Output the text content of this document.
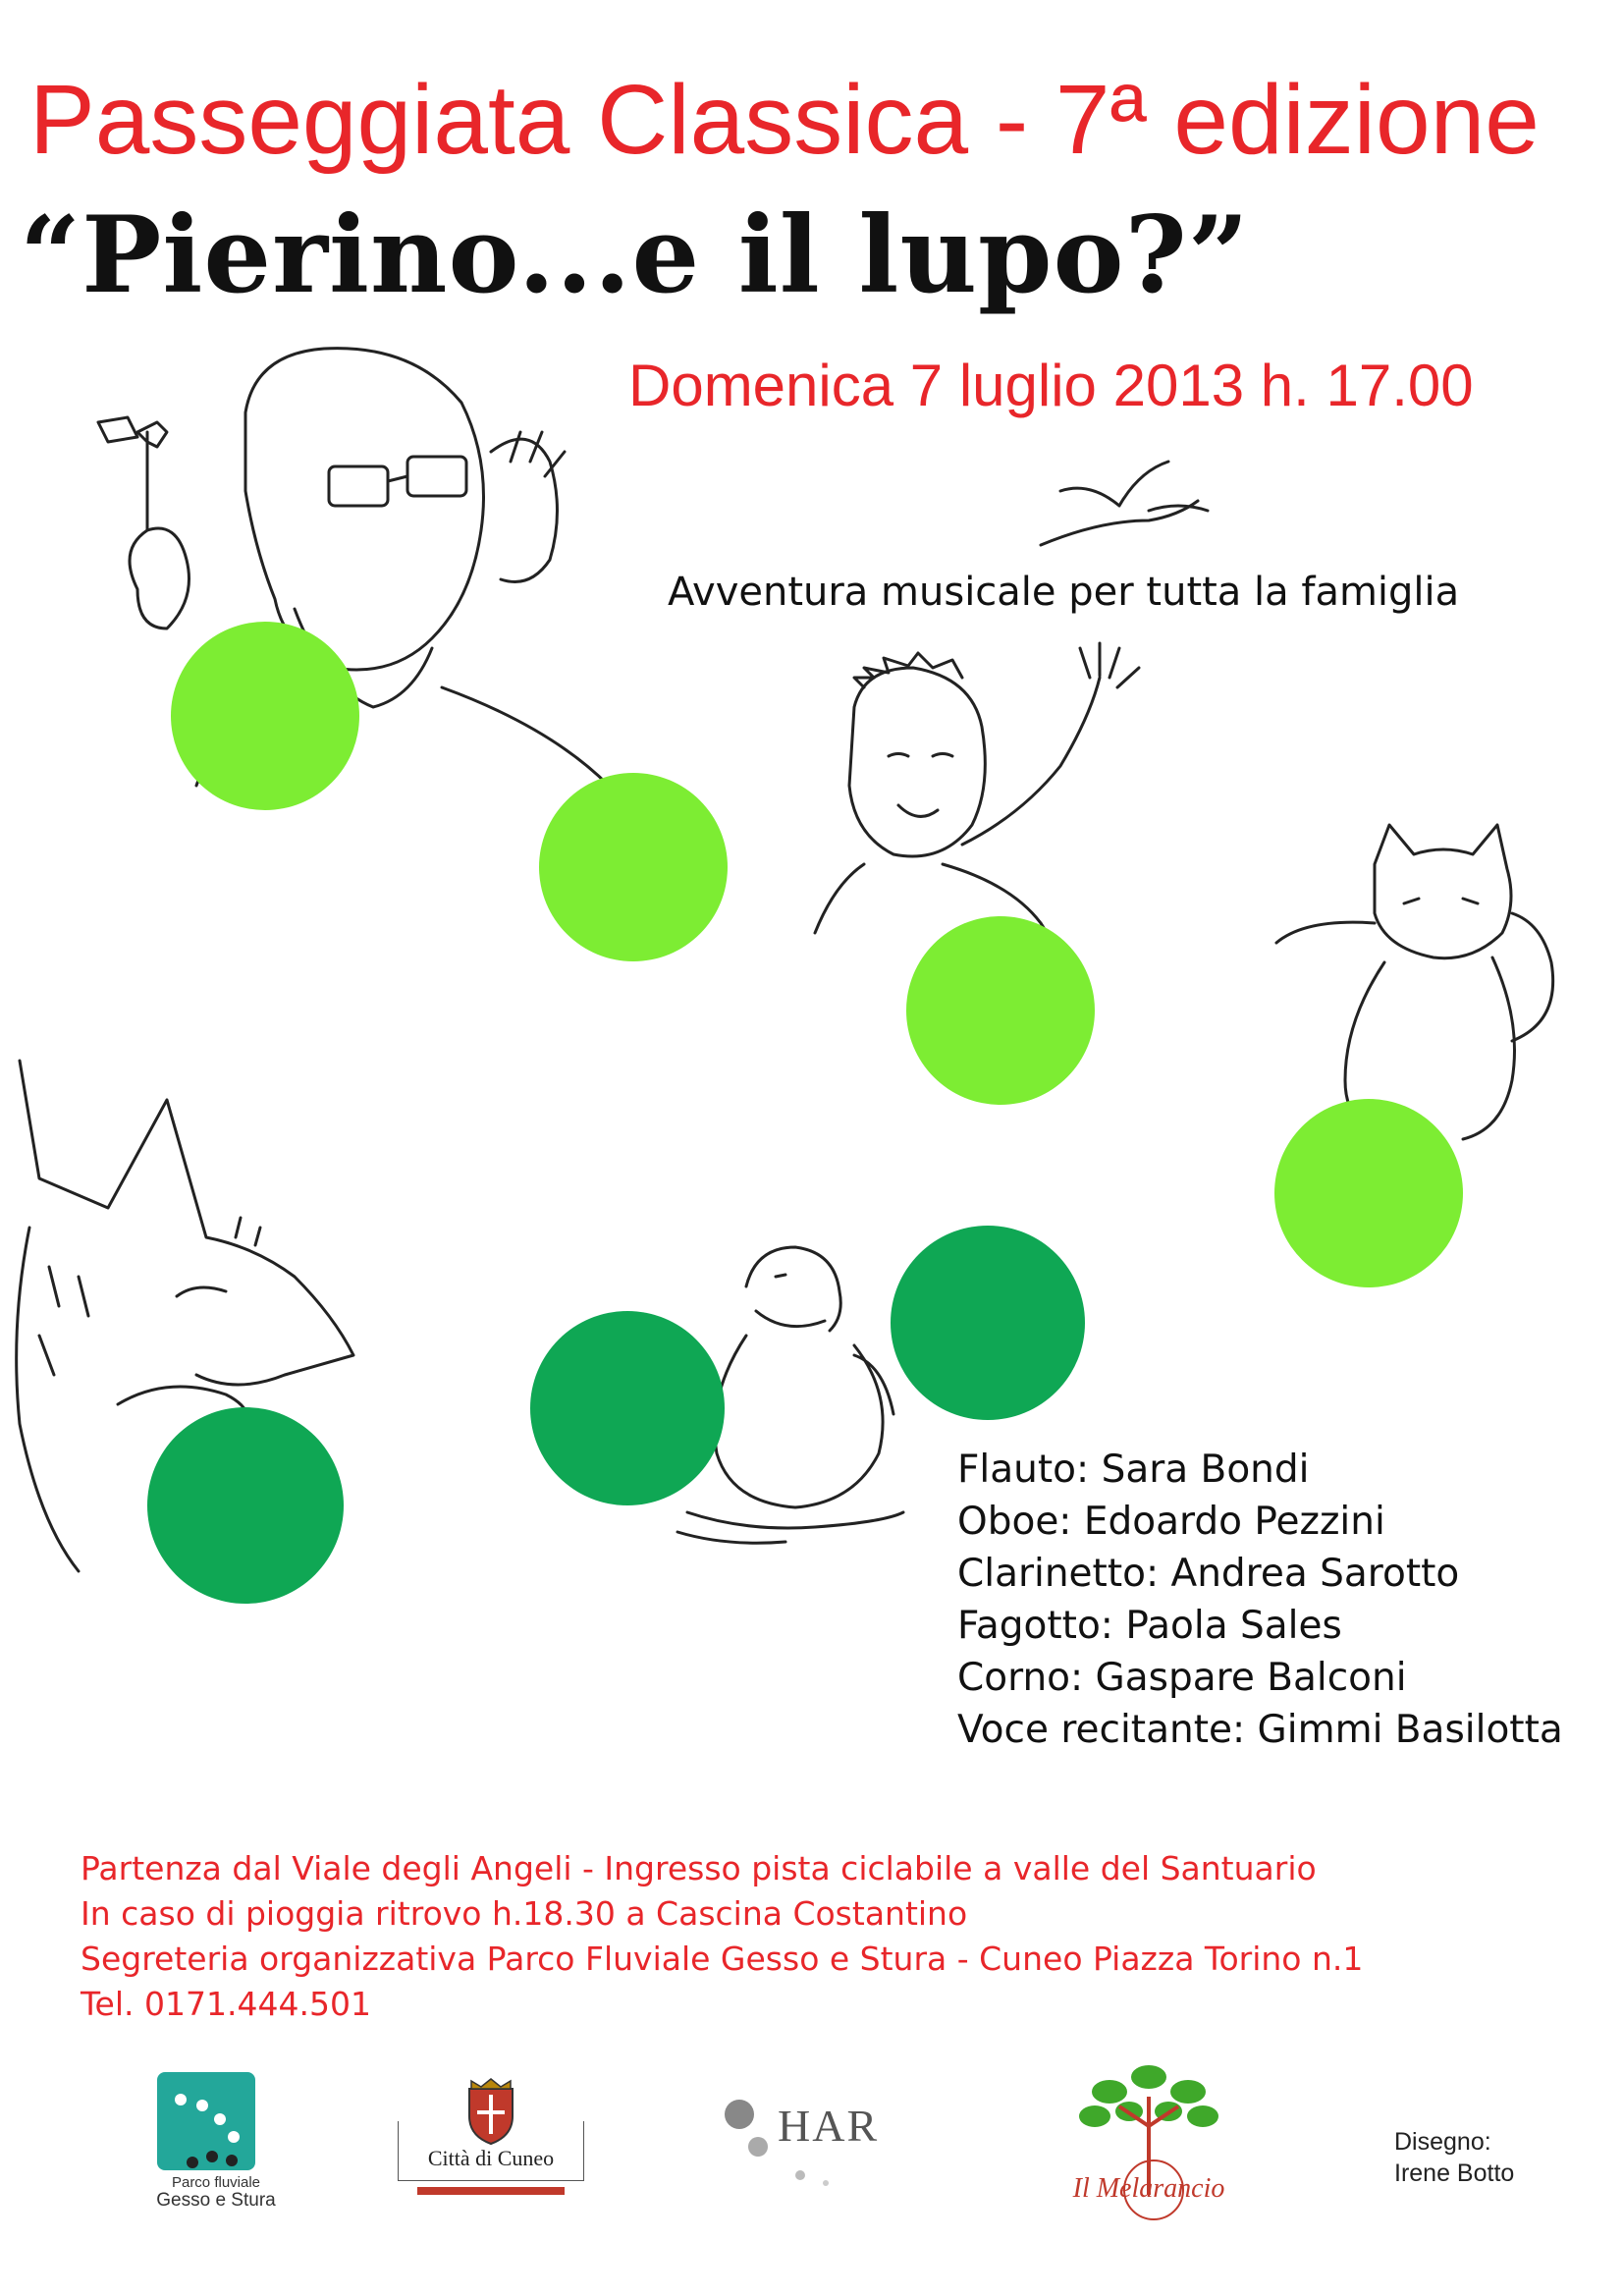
Passeggiata Classica - 7ª edizione
“Pierino...e il lupo?”
Domenica 7 luglio 2013 h. 17.00
Avventura musicale per tutta la famiglia
Flauto: Sara Bondi
Oboe: Edoardo Pezzini
Clarinetto: Andrea Sarotto
Fagotto: Paola Sales
Corno: Gaspare Balconi
Voce recitante: Gimmi Basilotta
Partenza dal Viale degli Angeli - Ingresso pista ciclabile a valle del Santuario
In caso di pioggia ritrovo h.18.30 a Cascina Costantino
Segreteria organizzativa Parco Fluviale Gesso e Stura - Cuneo Piazza Torino n.1
Tel. 0171.444.501
Parco fluviale
Gesso e Stura
Città di Cuneo
HAR
Il Melarancio
Disegno:
Irene Botto
